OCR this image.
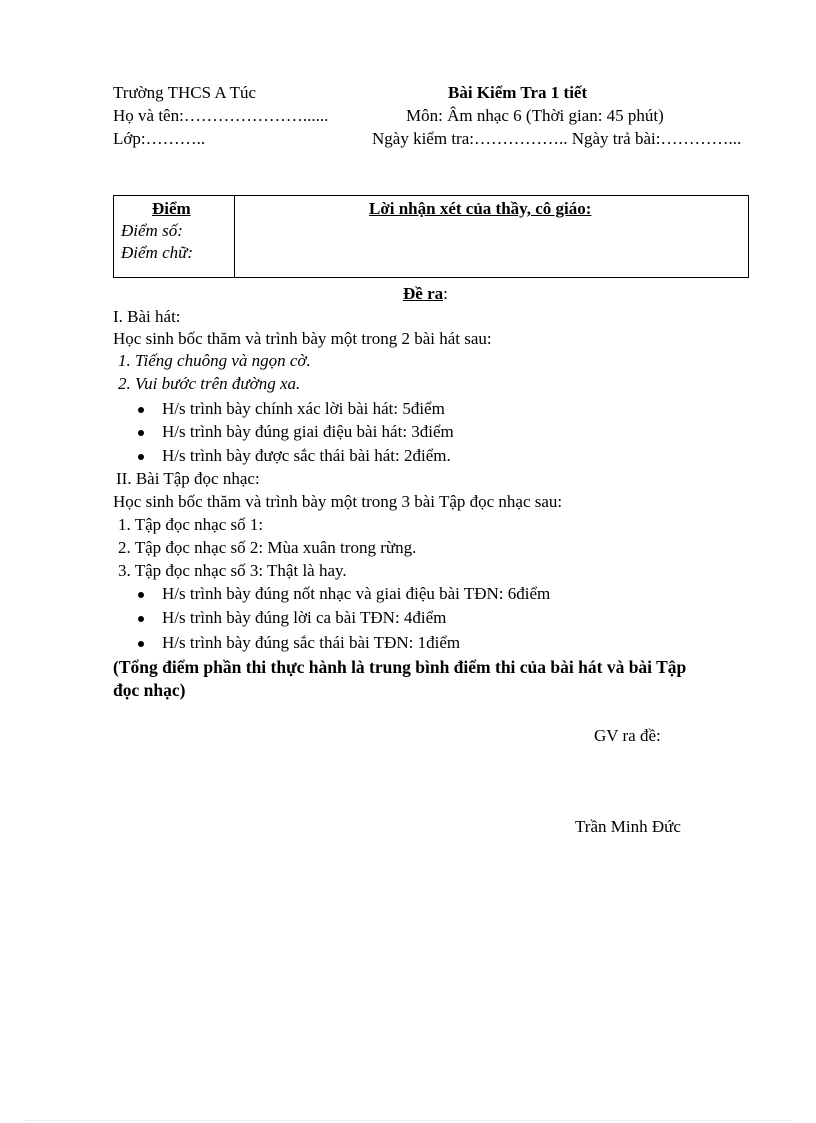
Trường THCS A Túc
Họ và tên:…………………......
Lớp:………..
Bài Kiểm Tra 1 tiết
Môn: Âm nhạc 6 (Thời gian: 45 phút)
Ngày kiểm tra:…………….. Ngày trả bài:…………...
Điểm
Điểm số:
Điểm chữ:
Lời nhận xét của thầy, cô giáo:
Đề ra:
I. Bài hát:
Học sinh bốc thăm và trình bày một trong 2 bài hát sau:
1. Tiếng chuông và ngọn cờ.
2. Vui bước trên đường xa.
H/s trình bày chính xác lời bài hát: 5điểm
H/s trình bày đúng giai điệu bài hát: 3điểm
H/s trình bày được sắc thái bài hát: 2điểm.
II. Bài Tập đọc nhạc:
Học sinh bốc thăm và trình bày một trong 3 bài Tập đọc nhạc sau:
1. Tập đọc nhạc số 1:
2. Tập đọc nhạc số 2: Mùa xuân trong rừng.
3. Tập đọc nhạc số 3: Thật là hay.
H/s trình bày đúng nốt nhạc và giai điệu bài TĐN: 6điểm
H/s trình bày đúng lời ca bài TĐN: 4điểm
H/s trình bày đúng sắc thái bài TĐN: 1điểm
(Tổng điểm phần thi thực hành là trung bình điểm thi của bài hát và bài Tập
đọc nhạc)
GV ra đề:
Trần Minh Đức
